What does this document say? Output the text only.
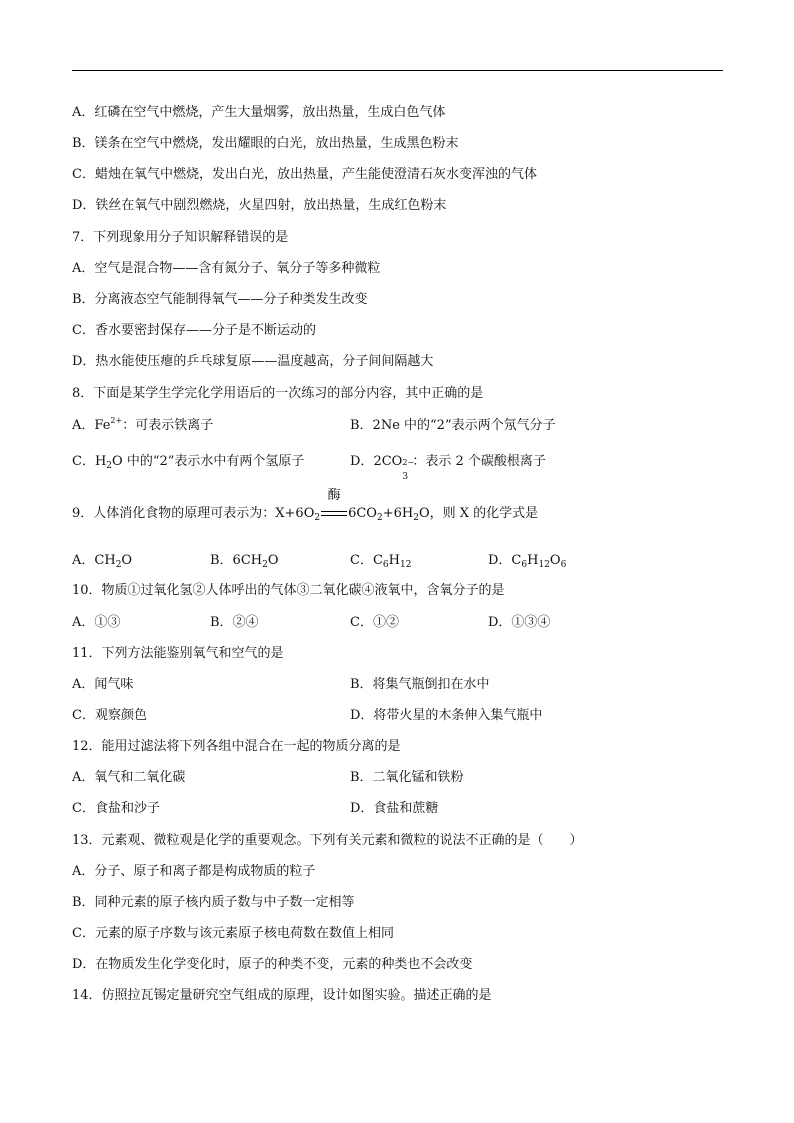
A．红磷在空气中燃烧，产生大量烟雾，放出热量，生成白色气体
B．镁条在空气中燃烧，发出耀眼的白光，放出热量，生成黑色粉末
C．蜡烛在氧气中燃烧，发出白光，放出热量，产生能使澄清石灰水变浑浊的气体
D．铁丝在氧气中剧烈燃烧，火星四射，放出热量，生成红色粉末
7．下列现象用分子知识解释错误的是
A．空气是混合物——含有氮分子、氧分子等多种微粒
B．分离液态空气能制得氧气——分子种类发生改变
C．香水要密封保存——分子是不断运动的
D．热水能使压瘪的乒乓球复原——温度越高，分子间间隔越大
8．下面是某学生学完化学用语后的一次练习的部分内容，其中正确的是
A．$Fe^{2+}$：可表示铁离子	B．2Ne 中的“2”表示两个氖气分子
C．$H_2O$ 中的“2”表示水中有两个氢原子	D．2CO 2−
3
：表示 2 个碳酸根离子
9．人体消化食物的原理可表示为：$X+6O_2$
酶
$6CO_2+6H_2O$，则 X 的化学式是
A．$CH_2O$	B．$6CH_2O$	C．$C_6H_{12}$	D．$C_6H_{12}O_6$
10．物质①过氧化氢②人体呼出的气体③二氧化碳④液氧中，含氧分子的是
A．①③	B．②④	C．①②	D．①③④
11．下列方法能鉴别氧气和空气的是
A．闻气味	B．将集气瓶倒扣在水中
C．观察颜色	D．将带火星的木条伸入集气瓶中
12．能用过滤法将下列各组中混合在一起的物质分离的是
A．氧气和二氧化碳	B．二氧化锰和铁粉
C．食盐和沙子	D．食盐和蔗糖
13．元素观、微粒观是化学的重要观念。下列有关元素和微粒的说法不正确的是（　　）
A．分子、原子和离子都是构成物质的粒子
B．同种元素的原子核内质子数与中子数一定相等
C．元素的原子序数与该元素原子核电荷数在数值上相同
D．在物质发生化学变化时，原子的种类不变，元素的种类也不会改变
14．仿照拉瓦锡定量研究空气组成的原理，设计如图实验。描述正确的是
